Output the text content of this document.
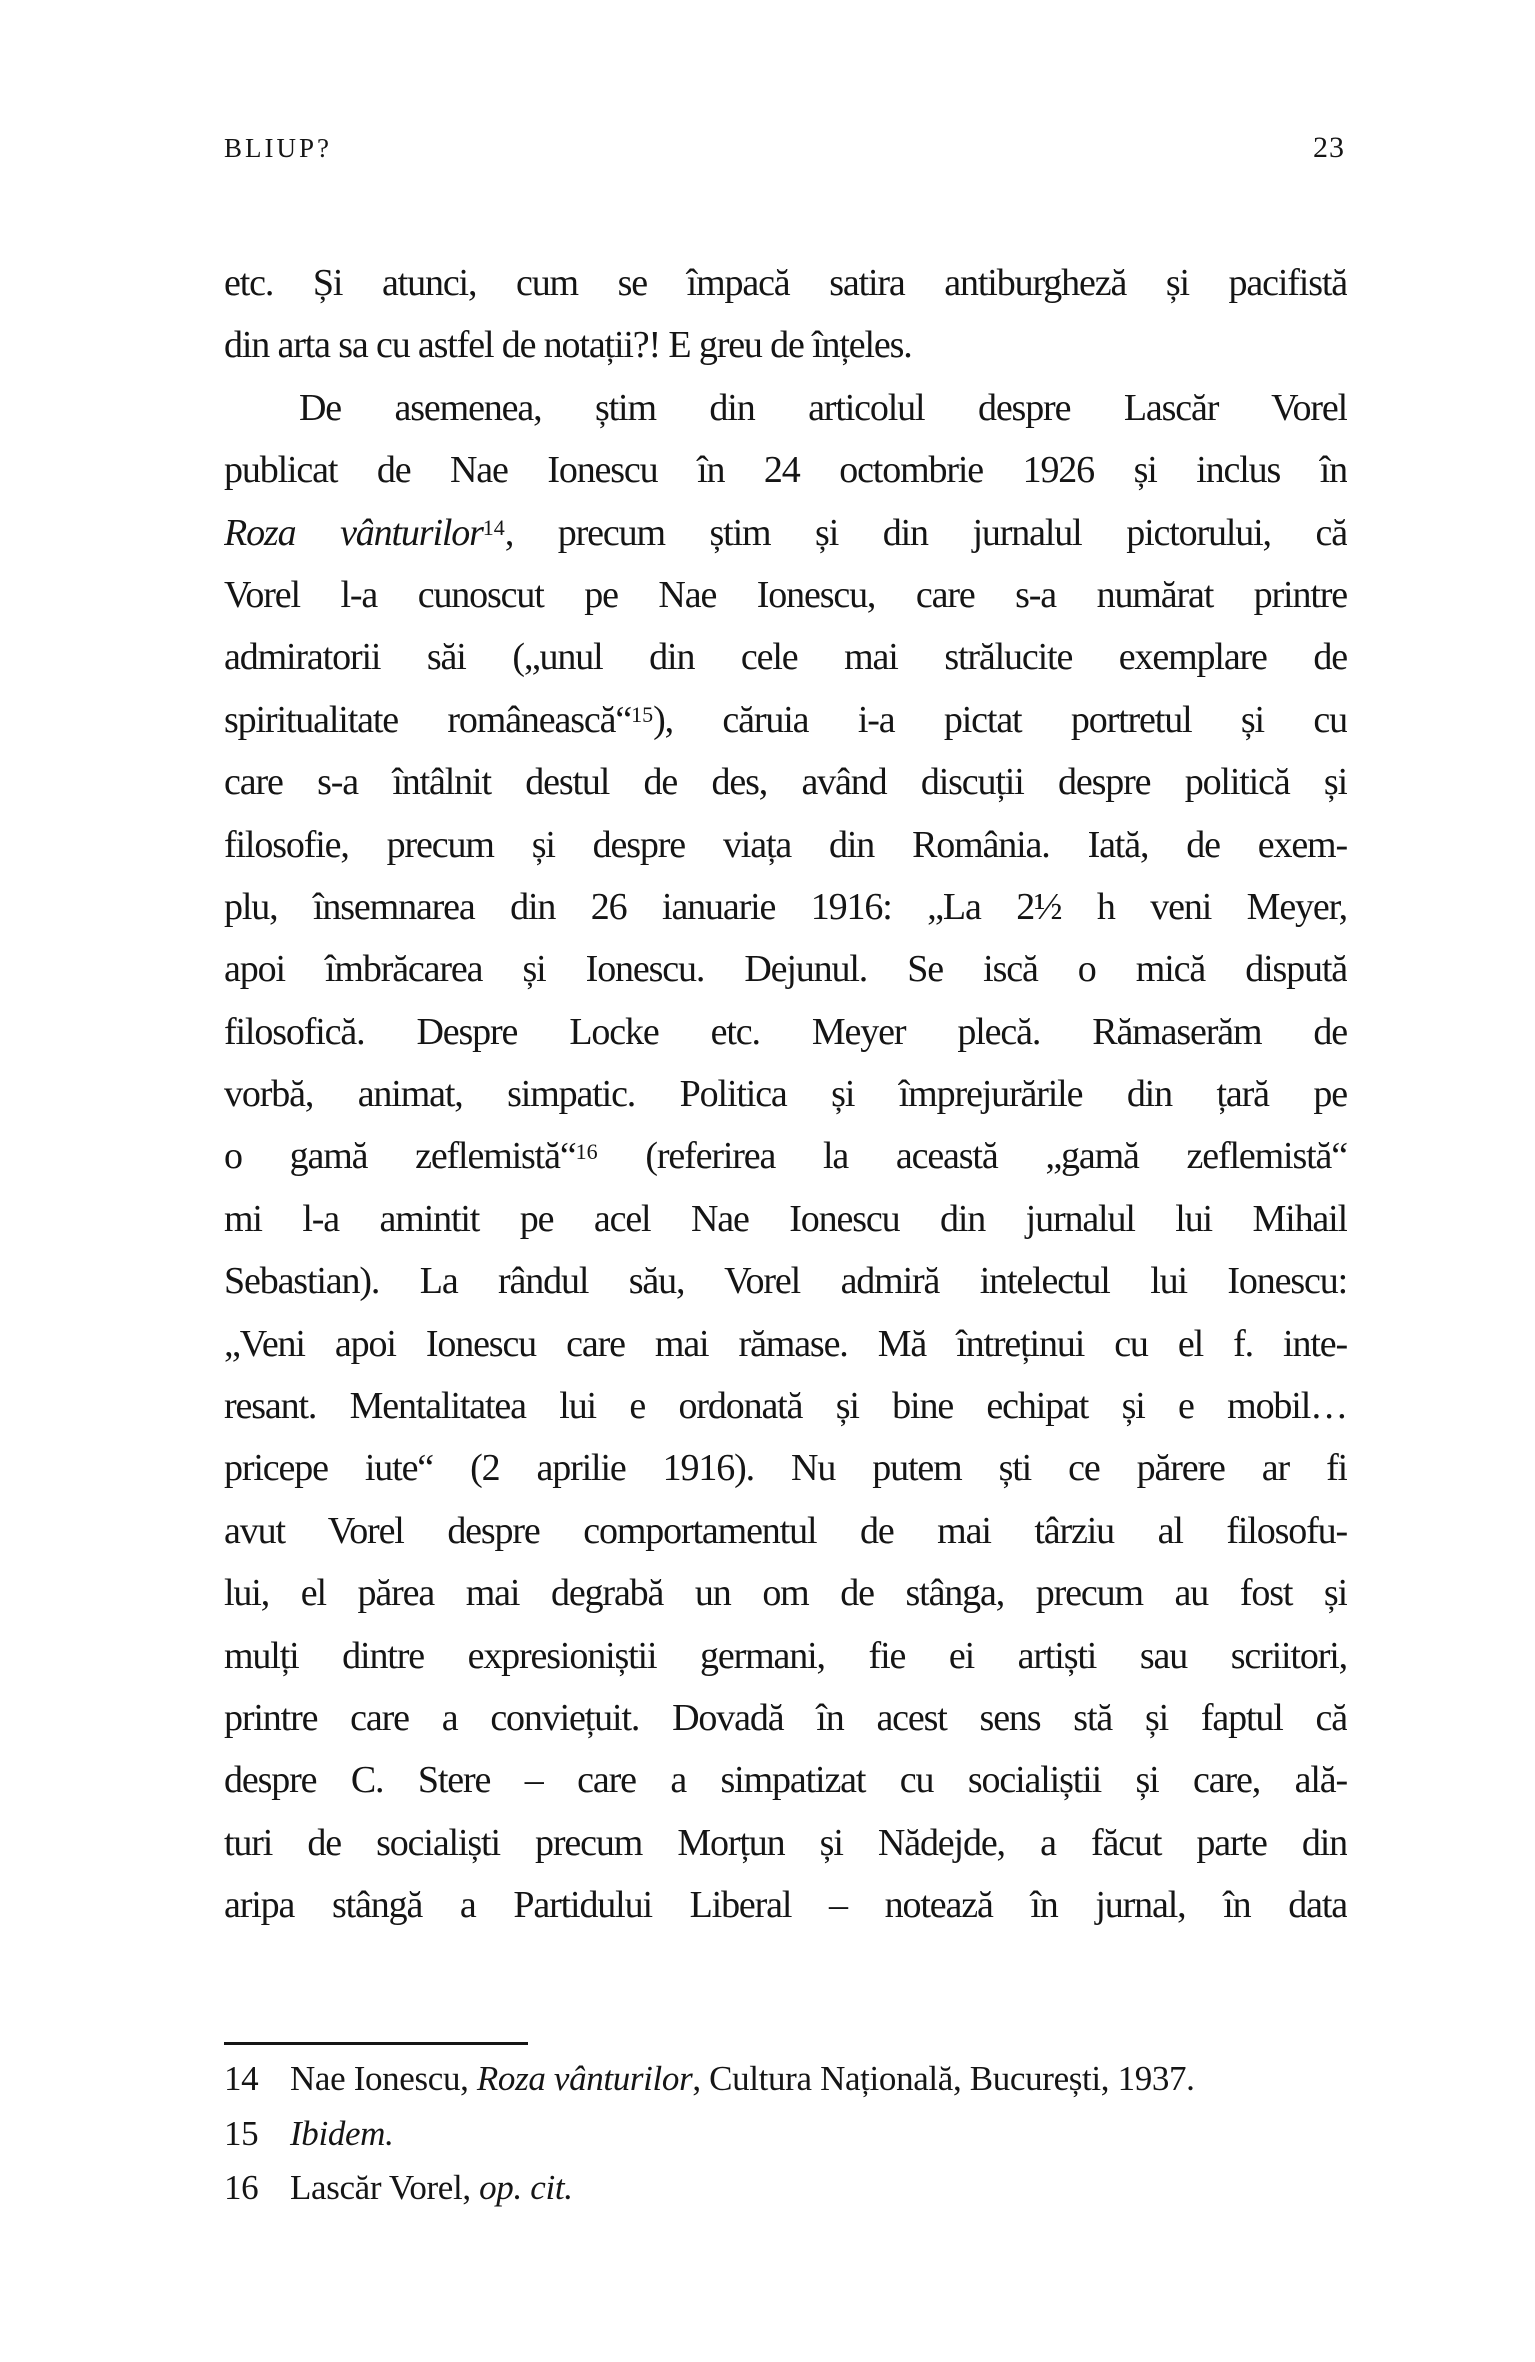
BLIUP?	23
etc. Și atunci, cum se împacă satira antiburgheză și pacifistă
din arta sa cu astfel de notații?! E greu de înțeles.
De asemenea, știm din articolul despre Lascăr Vorel
publicat de Nae Ionescu în 24 octombrie 1926 și inclus în
Roza vânturilor$^{14}$, precum știm și din jurnalul pictorului, că
Vorel l-a cunoscut pe Nae Ionescu, care s-a numărat printre
admiratorii săi („unul din cele mai strălucite exemplare de
spiritualitate românească“$^{15}$), căruia i-a pictat portretul și cu
care s-a întâlnit destul de des, având discuții despre politică și
filosofie, precum și despre viața din România. Iată, de exem-
plu, însemnarea din 26 ianuarie 1916: „La 2½ h veni Meyer,
apoi îmbrăcarea și Ionescu. Dejunul. Se iscă o mică dispută
filosofică. Despre Locke etc. Meyer plecă. Rămaserăm de
vorbă, animat, simpatic. Politica și împrejurările din țară pe
o gamă zeflemistă“$^{16}$ (referirea la această „gamă zeflemistă“
mi l-a amintit pe acel Nae Ionescu din jurnalul lui Mihail
Sebastian). La rândul său, Vorel admiră intelectul lui Ionescu:
„Veni apoi Ionescu care mai rămase. Mă întreținui cu el f. inte-
resant. Mentalitatea lui e ordonată și bine echipat și e mobil…
pricepe iute“ (2 aprilie 1916). Nu putem ști ce părere ar fi
avut Vorel despre comportamentul de mai târziu al filosofu-
lui, el părea mai degrabă un om de stânga, precum au fost și
mulți dintre expresioniștii germani, fie ei artiști sau scriitori,
printre care a conviețuit. Dovadă în acest sens stă și faptul că
despre C. Stere – care a simpatizat cu socialiștii și care, ală-
turi de socialiști precum Morțun și Nădejde, a făcut parte din
aripa stângă a Partidului Liberal – notează în jurnal, în data
14 Nae Ionescu, Roza vânturilor, Cultura Națională, București, 1937.
15 Ibidem.
16 Lascăr Vorel, op. cit.
